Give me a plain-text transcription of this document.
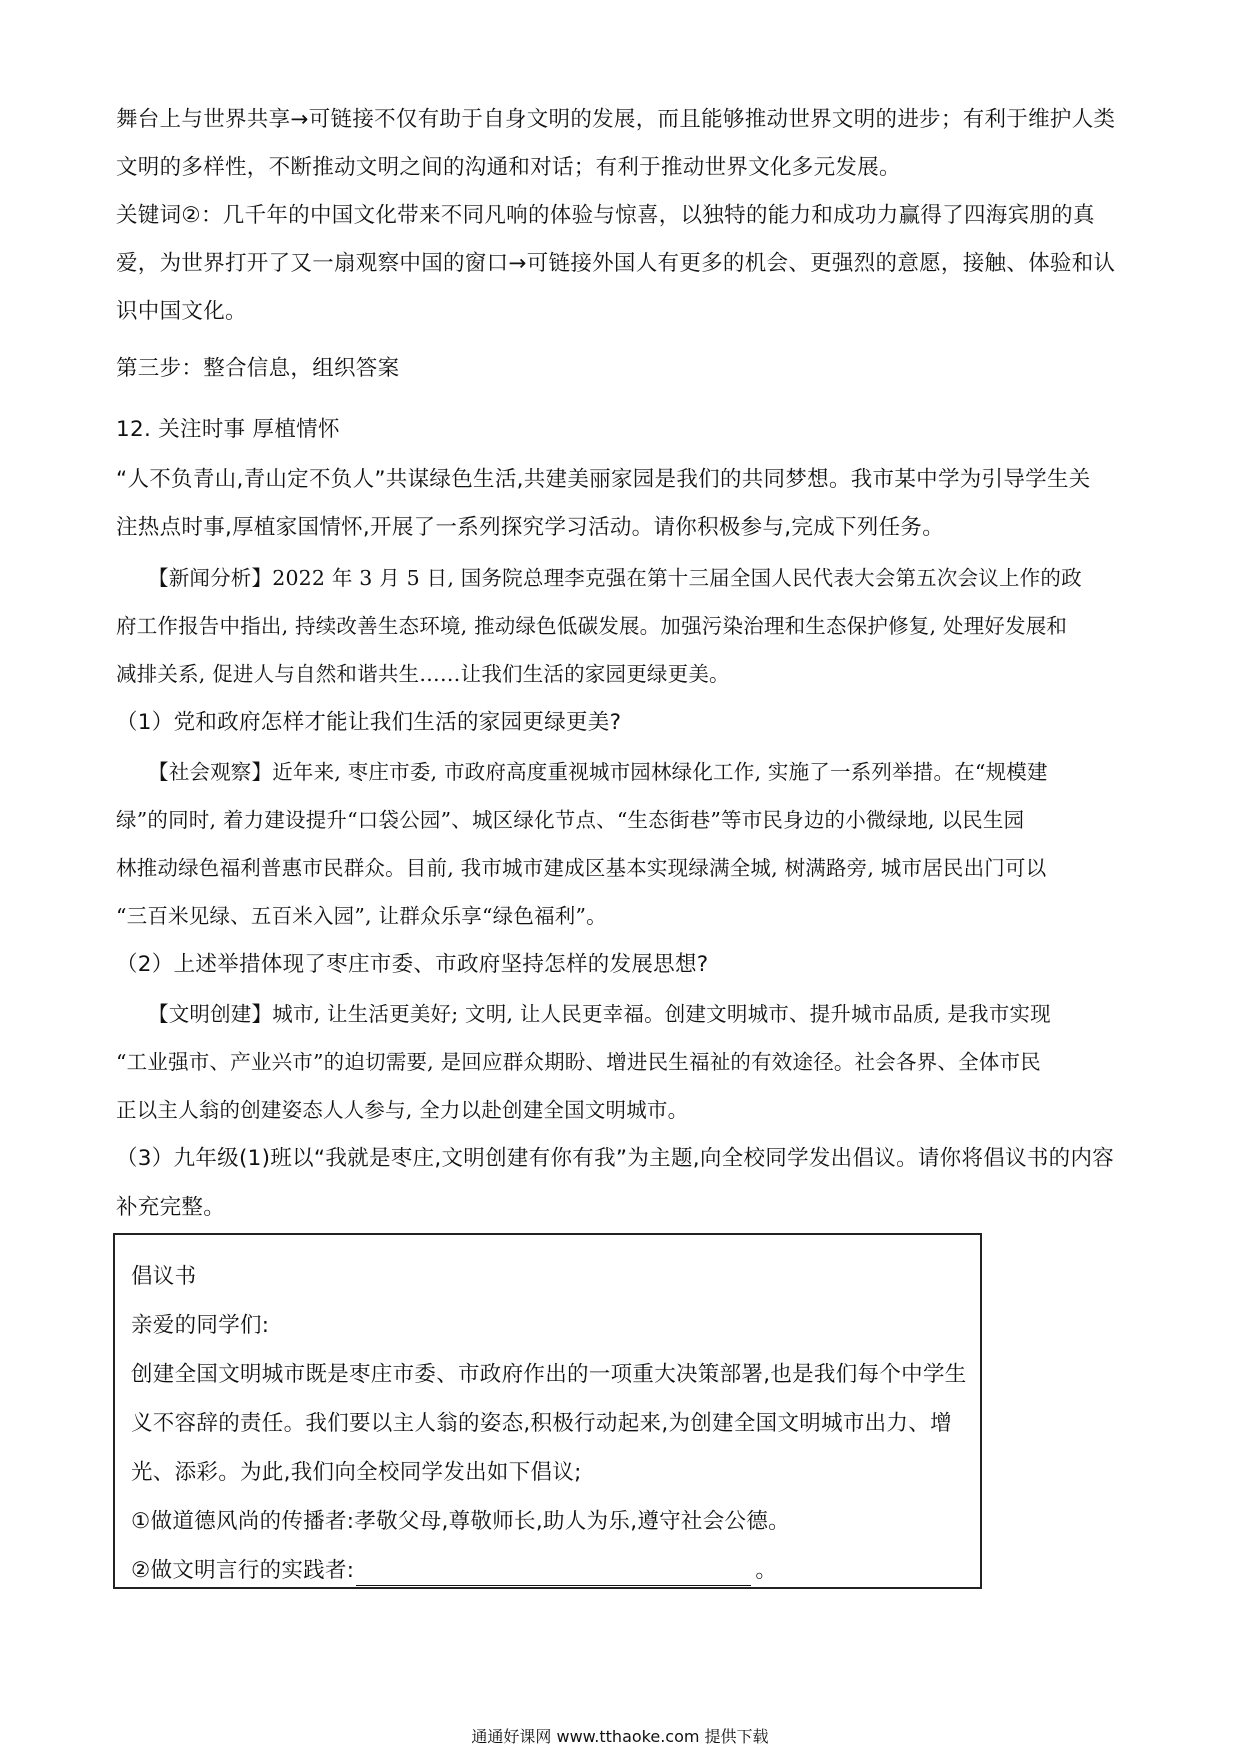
舞台上与世界共享→可链接不仅有助于自身文明的发展，而且能够推动世界文明的进步；有利于维护人类
文明的多样性，不断推动文明之间的沟通和对话；有利于推动世界文化多元发展。
关键词②：几千年的中国文化带来不同凡响的体验与惊喜，以独特的能力和成功力赢得了四海宾朋的真
爱，为世界打开了又一扇观察中国的窗口→可链接外国人有更多的机会、更强烈的意愿，接触、体验和认
识中国文化。
第三步：整合信息，组织答案
12. 关注时事 厚植情怀
“人不负青山,青山定不负人”共谋绿色生活,共建美丽家园是我们的共同梦想。我市某中学为引导学生关
注热点时事,厚植家国情怀,开展了一系列探究学习活动。请你积极参与,完成下列任务。
【新闻分析】2022 年 3 月 5 日, 国务院总理李克强在第十三届全国人民代表大会第五次会议上作的政
府工作报告中指出, 持续改善生态环境, 推动绿色低碳发展。加强污染治理和生态保护修复, 处理好发展和
减排关系, 促进人与自然和谐共生……让我们生活的家园更绿更美。
（1）党和政府怎样才能让我们生活的家园更绿更美?
【社会观察】近年来, 枣庄市委, 市政府高度重视城市园林绿化工作, 实施了一系列举措。在“规模建
绿”的同时, 着力建设提升“口袋公园”、城区绿化节点、“生态街巷”等市民身边的小微绿地, 以民生园
林推动绿色福利普惠市民群众。目前, 我市城市建成区基本实现绿满全城, 树满路旁, 城市居民出门可以
“三百米见绿、五百米入园”, 让群众乐享“绿色福利”。
（2）上述举措体现了枣庄市委、市政府坚持怎样的发展思想?
【文明创建】城市, 让生活更美好; 文明, 让人民更幸福。创建文明城市、提升城市品质, 是我市实现
“工业强市、产业兴市”的迫切需要, 是回应群众期盼、增进民生福祉的有效途径。社会各界、全体市民
正以主人翁的创建姿态人人参与, 全力以赴创建全国文明城市。
（3）九年级(1)班以“我就是枣庄,文明创建有你有我”为主题,向全校同学发出倡议。请你将倡议书的内容
补充完整。
倡议书
亲爱的同学们:
创建全国文明城市既是枣庄市委、市政府作出的一项重大决策部署,也是我们每个中学生
义不容辞的责任。我们要以主人翁的姿态,积极行动起来,为创建全国文明城市出力、增
光、添彩。为此,我们向全校同学发出如下倡议;
①做道德风尚的传播者:孝敬父母,尊敬师长,助人为乐,遵守社会公德。
②做文明言行的实践者:	。
通通好课网 www.tthaoke.com 提供下载
